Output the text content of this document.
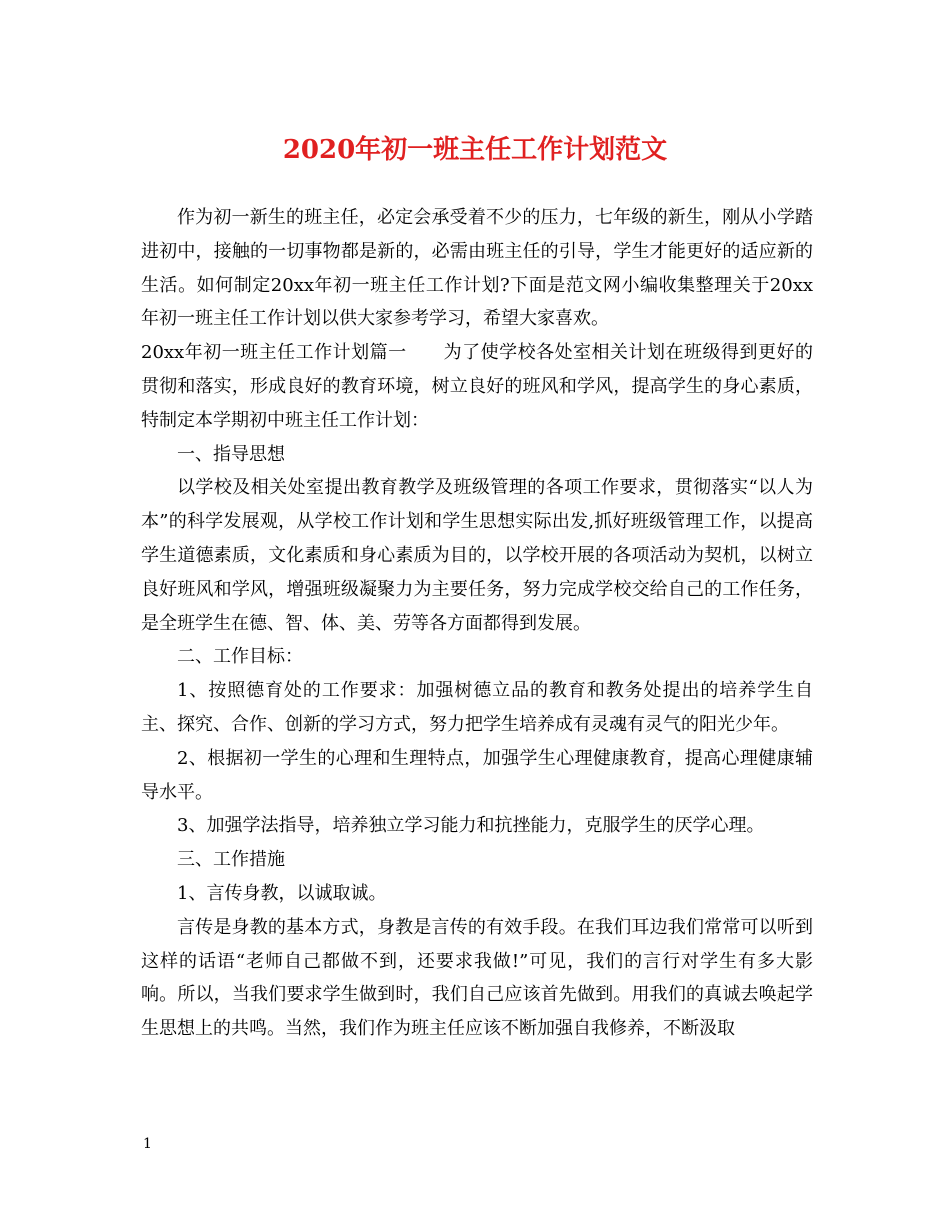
2020年初一班主任工作计划范文

作为初一新生的班主任，必定会承受着不少的压力，七年级的新生，刚从小学踏进初中，接触的一切事物都是新的，必需由班主任的引导，学生才能更好的适应新的生活。如何制定20xx年初一班主任工作计划?下面是范文网小编收集整理关于20xx年初一班主任工作计划以供大家参考学习，希望大家喜欢。

20xx年初一班主任工作计划篇一　　为了使学校各处室相关计划在班级得到更好的贯彻和落实，形成良好的教育环境，树立良好的班风和学风，提高学生的身心素质，特制定本学期初中班主任工作计划：

一、指导思想

以学校及相关处室提出教育教学及班级管理的各项工作要求，贯彻落实“以人为本”的科学发展观，从学校工作计划和学生思想实际出发,抓好班级管理工作，以提高学生道德素质，文化素质和身心素质为目的，以学校开展的各项活动为契机，以树立良好班风和学风，增强班级凝聚力为主要任务，努力完成学校交给自己的工作任务，是全班学生在德、智、体、美、劳等各方面都得到发展。

二、工作目标：

1、按照德育处的工作要求：加强树德立品的教育和教务处提出的培养学生自主、探究、合作、创新的学习方式，努力把学生培养成有灵魂有灵气的阳光少年。

2、根据初一学生的心理和生理特点，加强学生心理健康教育，提高心理健康辅导水平。

3、加强学法指导，培养独立学习能力和抗挫能力，克服学生的厌学心理。

三、工作措施

1、言传身教，以诚取诚。

言传是身教的基本方式，身教是言传的有效手段。在我们耳边我们常常可以听到这样的话语“老师自己都做不到，还要求我做!”可见，我们的言行对学生有多大影响。所以，当我们要求学生做到时，我们自己应该首先做到。用我们的真诚去唤起学生思想上的共鸣。当然，我们作为班主任应该不断加强自我修养，不断汲取

1
